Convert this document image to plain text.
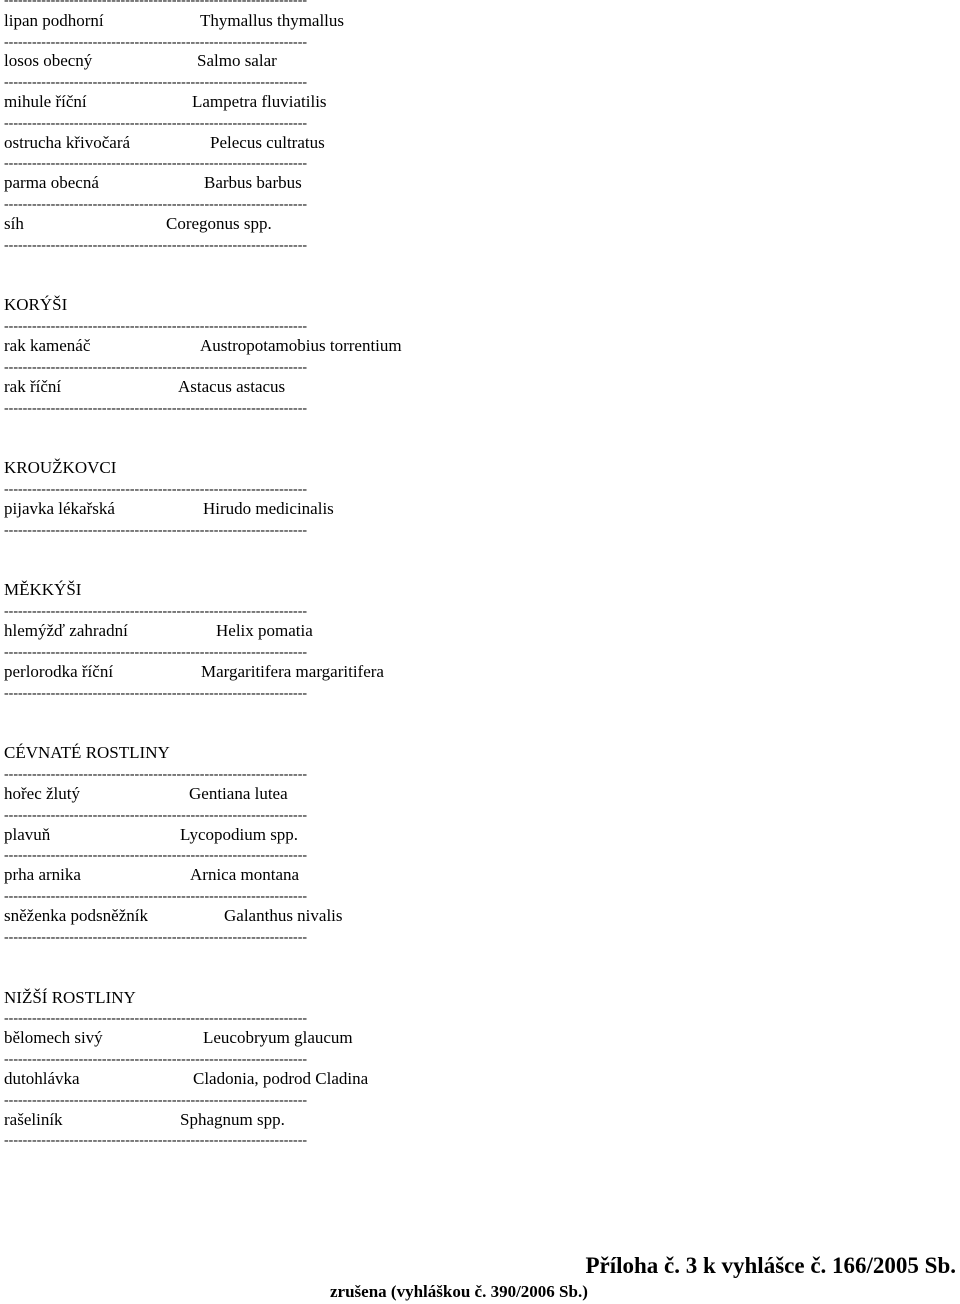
-----------------------------------------------------------------
-----------------------------------------------------------------
-----------------------------------------------------------------
-----------------------------------------------------------------
-----------------------------------------------------------------
-----------------------------------------------------------------
-----------------------------------------------------------------
-----------------------------------------------------------------
-----------------------------------------------------------------
-----------------------------------------------------------------
-----------------------------------------------------------------
-----------------------------------------------------------------
-----------------------------------------------------------------
-----------------------------------------------------------------
-----------------------------------------------------------------
-----------------------------------------------------------------
-----------------------------------------------------------------
-----------------------------------------------------------------
-----------------------------------------------------------------
-----------------------------------------------------------------
-----------------------------------------------------------------
-----------------------------------------------------------------
-----------------------------------------------------------------
-----------------------------------------------------------------
lipan podhorní	Thymallus thymallus
losos obecný	Salmo salar
mihule říční	Lampetra fluviatilis
ostrucha křivočará	Pelecus cultratus
parma obecná	Barbus barbus
síh	Coregonus spp.
KORÝŠI
rak kamenáč	Austropotamobius torrentium
rak říční	Astacus astacus
KROUŽKOVCI
pijavka lékařská	Hirudo medicinalis
MĚKKÝŠI
hlemýžď zahradní	Helix pomatia
perlorodka říční	Margaritifera margaritifera
CÉVNATÉ ROSTLINY
hořec žlutý	Gentiana lutea
plavuň	Lycopodium spp.
prha arnika	Arnica montana
sněženka podsněžník	Galanthus nivalis
NIŽŠÍ ROSTLINY
bělomech sivý	Leucobryum glaucum
dutohlávka	Cladonia, podrod Cladina
rašeliník	Sphagnum spp.
Příloha č. 3 k vyhlášce č. 166/2005 Sb.
zrušena (vyhláškou č. 390/2006 Sb.)
